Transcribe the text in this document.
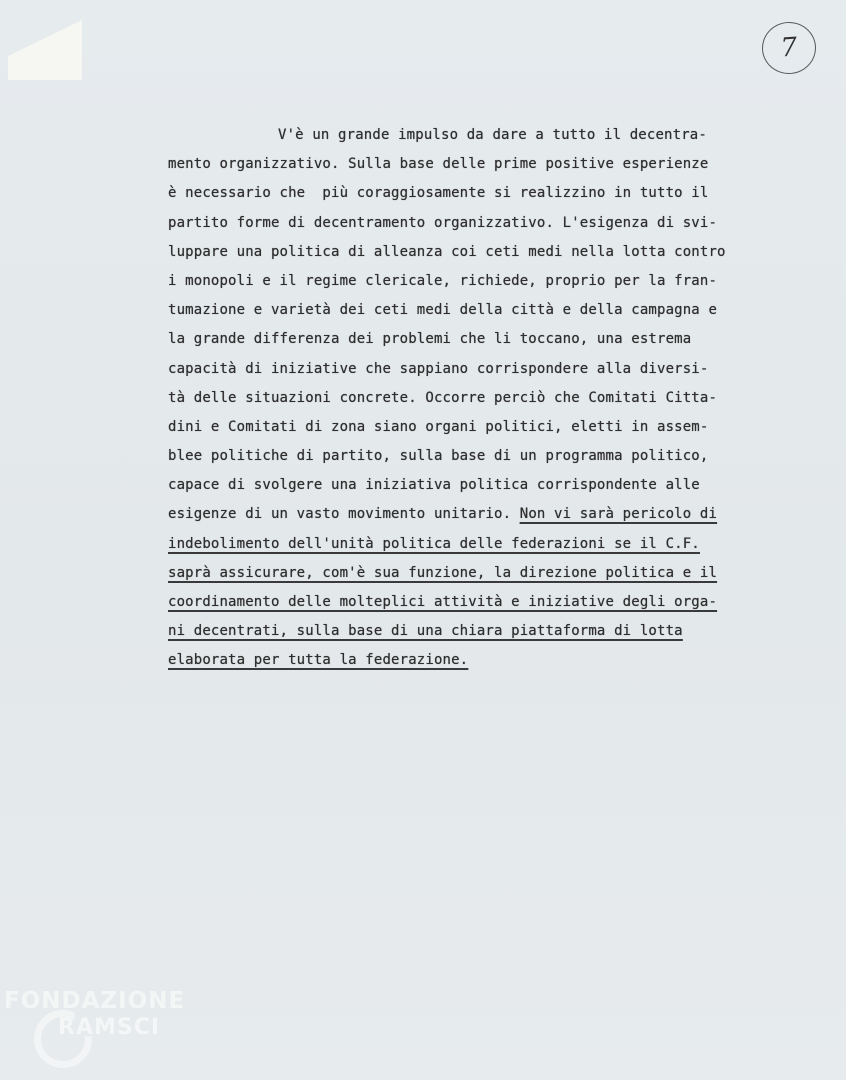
7
V'è un grande impulso da dare a tutto il decentra-
mento organizzativo. Sulla base delle prime positive esperienze
è necessario che  più coraggiosamente si realizzino in tutto il
partito forme di decentramento organizzativo. L'esigenza di svi-
luppare una politica di alleanza coi ceti medi nella lotta contro
i monopoli e il regime clericale, richiede, proprio per la fran-
tumazione e varietà dei ceti medi della città e della campagna e
la grande differenza dei problemi che li toccano, una estrema
capacità di iniziative che sappiano corrispondere alla diversi-
tà delle situazioni concrete. Occorre perciò che Comitati Citta-
dini e Comitati di zona siano organi politici, eletti in assem-
blee politiche di partito, sulla base di un programma politico,
capace di svolgere una iniziativa politica corrispondente alle
esigenze di un vasto movimento unitario. Non vi sarà pericolo di
indebolimento dell'unità politica delle federazioni se il C.F.
saprà assicurare, com'è sua funzione, la direzione politica e il
coordinamento delle molteplici attività e iniziative degli orga-
ni decentrati, sulla base di una chiara piattaforma di lotta
elaborata per tutta la federazione.
FONDAZIONE
RAMSCI
